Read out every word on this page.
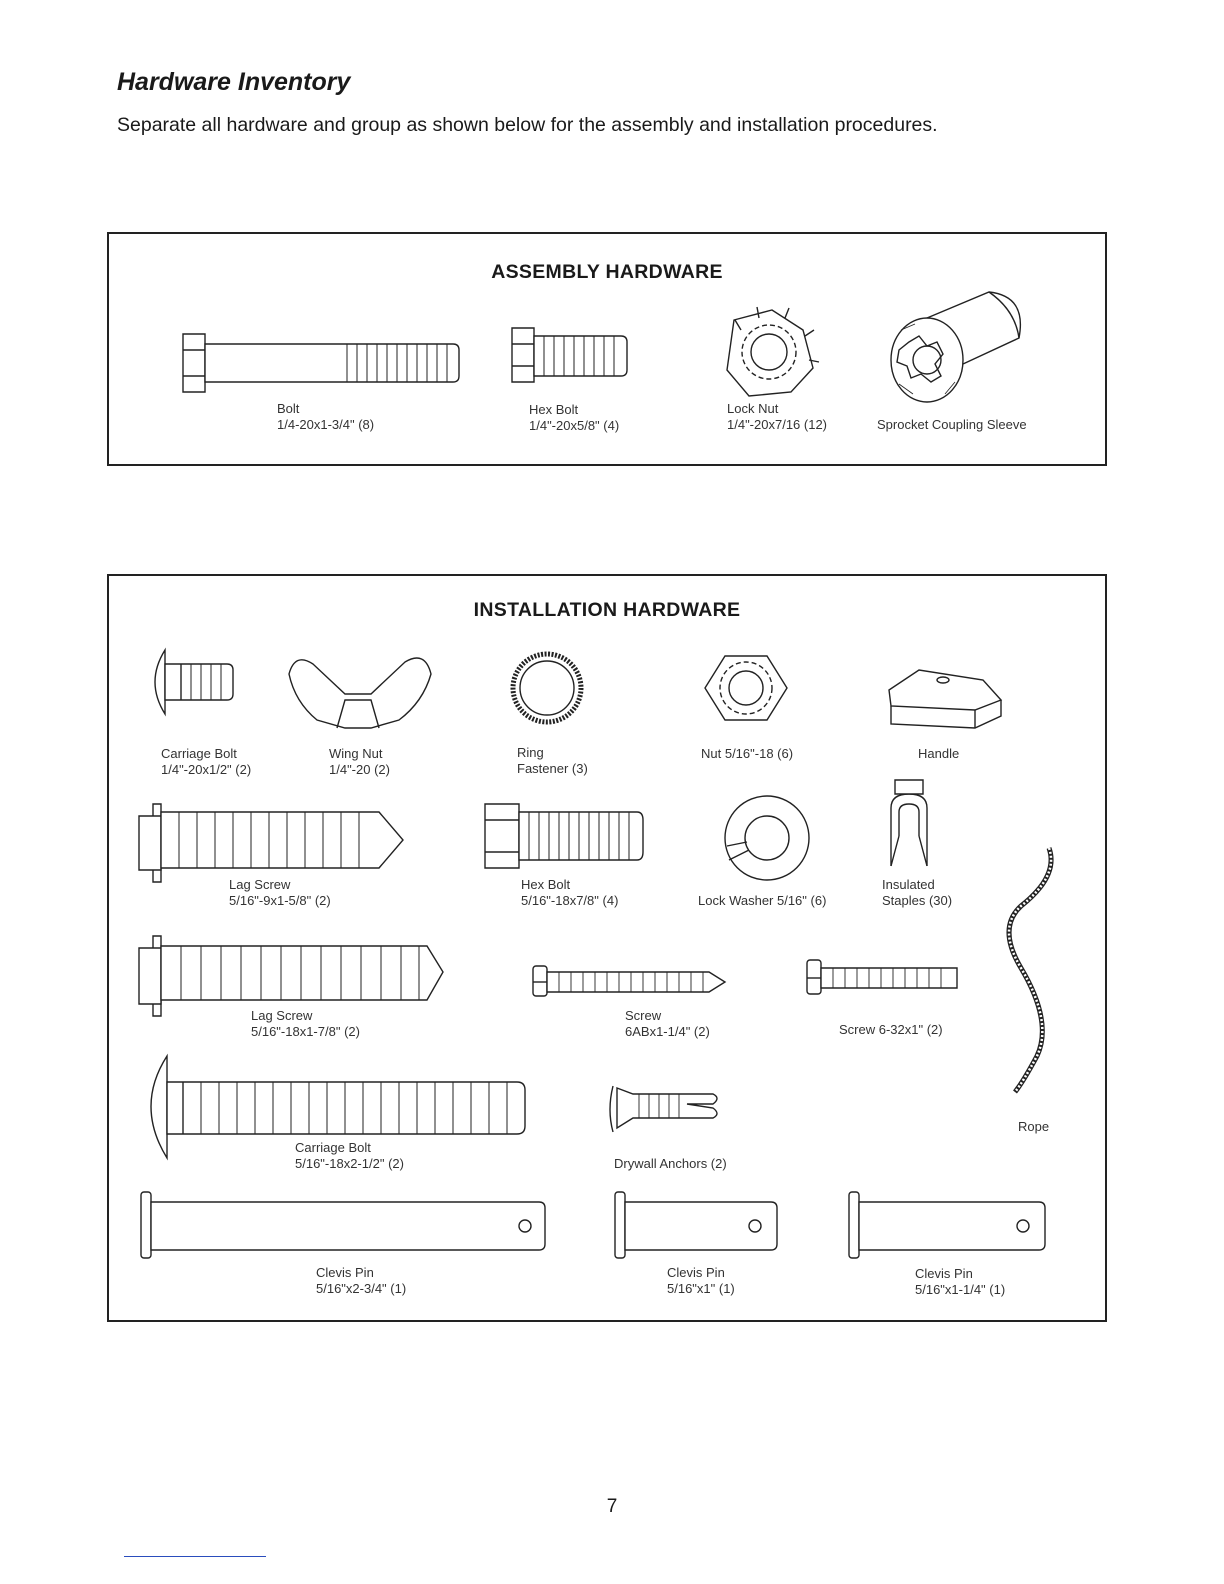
Hardware Inventory
Separate all hardware and group as shown below for the assembly and installation procedures.
ASSEMBLY HARDWARE
Bolt
1/4-20x1-3/4" (8)
Hex Bolt
1/4"-20x5/8" (4)
Lock Nut
1/4"-20x7/16 (12)	Sprocket Coupling Sleeve
INSTALLATION HARDWARE
Carriage Bolt
1/4"-20x1/2" (2)
Wing Nut
1/4"-20 (2)
Ring
Fastener (3)
Nut 5/16"-18 (6)	Handle
Lag Screw
5/16"-9x1-5/8" (2)
Hex Bolt
5/16"-18x7/8" (4)	Lock Washer 5/16" (6)
Insulated
Staples (30)
Lag Screw
5/16"-18x1-7/8" (2)
Screw
6ABx1-1/4" (2)	Screw 6-32x1" (2)
Rope
Carriage Bolt
5/16"-18x2-1/2" (2)	Drywall Anchors (2)
Clevis Pin
5/16"x2-3/4" (1)
Clevis Pin
5/16"x1" (1)
Clevis Pin
5/16"x1-1/4" (1)
7
